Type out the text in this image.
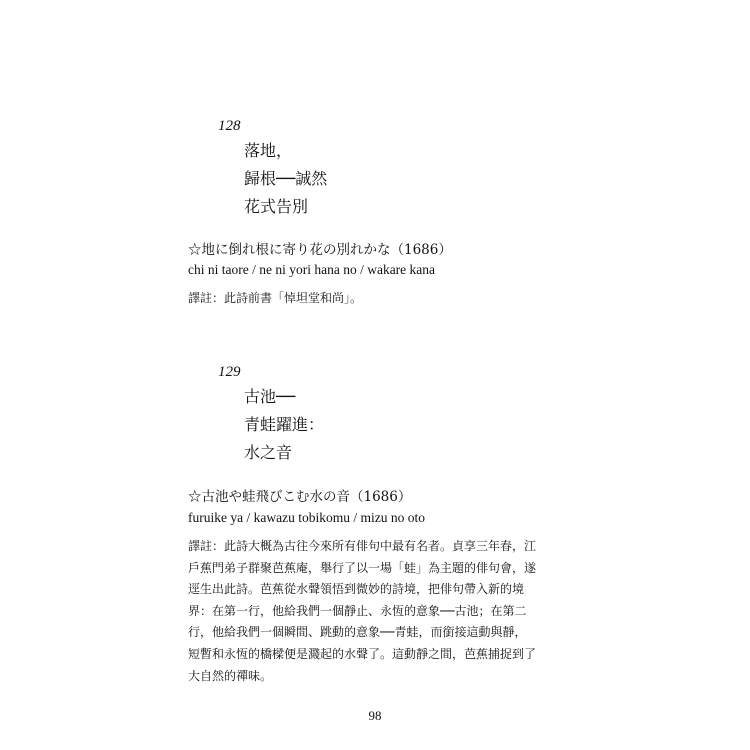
128
落地，
歸根──誠然
花式告別
☆地に倒れ根に寄り花の別れかな（1686）
chi ni taore / ne ni yori hana no / wakare kana
譯註：此詩前書「悼坦堂和尚」。
129
古池──
青蛙躍進：
水之音
☆古池や蛙飛びこむ水の音（1686）
furuike ya / kawazu tobikomu / mizu no oto
譯註：此詩大概為古往今來所有俳句中最有名者。貞享三年春，江
戶蕉門弟子群聚芭蕉庵，舉行了以一場「蛙」為主題的俳句會，遂
逕生出此詩。芭蕉從水聲領悟到微妙的詩境，把俳句帶入新的境
界：在第一行，他給我們一個靜止、永恆的意象──古池；在第二
行，他給我們一個瞬間、跳動的意象──青蛙，而銜接這動與靜，
短暫和永恆的橋樑便是濺起的水聲了。這動靜之間，芭蕉捕捉到了
大自然的禪味。
98
